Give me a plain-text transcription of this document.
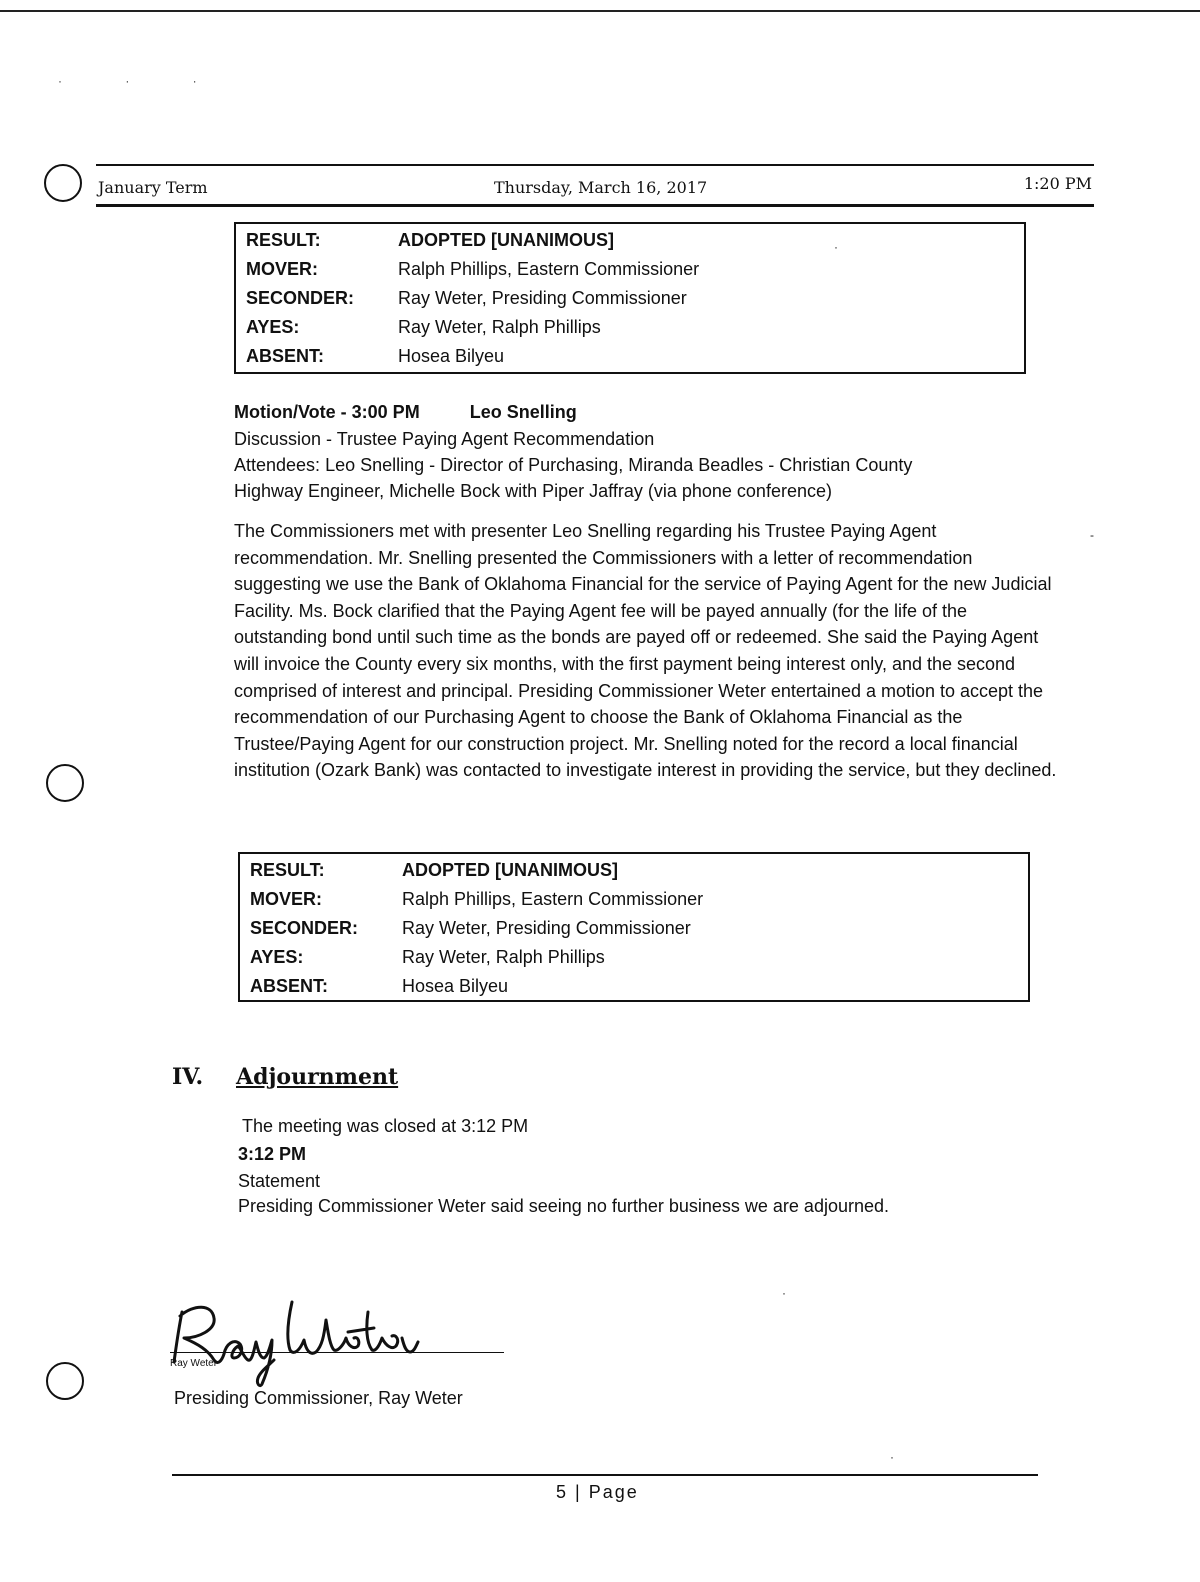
· · ·
January Term	Thursday, March 16, 2017	1:20 PM
RESULT:	ADOPTED [UNANIMOUS]
MOVER:	Ralph Phillips, Eastern Commissioner
SECONDER: Ray Weter, Presiding Commissioner
AYES:	Ray Weter, Ralph Phillips
ABSENT:	Hosea Bilyeu
Motion/Vote - 3:00 PM	Leo Snelling
Discussion - Trustee Paying Agent Recommendation
Attendees: Leo Snelling - Director of Purchasing, Miranda Beadles - Christian County
Highway Engineer, Michelle Bock with Piper Jaffray (via phone conference)
The Commissioners met with presenter Leo Snelling regarding his Trustee Paying Agent recommendation. Mr. Snelling presented the Commissioners with a letter of recommendation suggesting we use the Bank of Oklahoma Financial for the service of Paying Agent for the new Judicial Facility. Ms. Bock clarified that the Paying Agent fee will be payed annually (for the life of the outstanding bond until such time as the bonds are payed off or redeemed. She said the Paying Agent will invoice the County every six months, with the first payment being interest only, and the second comprised of interest and principal. Presiding Commissioner Weter entertained a motion to accept the recommendation of our Purchasing Agent to choose the Bank of Oklahoma Financial as the Trustee/Paying Agent for our construction project. Mr. Snelling noted for the record a local financial institution (Ozark Bank) was contacted to investigate interest in providing the service, but they declined.
RESULT:	ADOPTED [UNANIMOUS]
MOVER:	Ralph Phillips, Eastern Commissioner
SECONDER: Ray Weter, Presiding Commissioner
AYES:	Ray Weter, Ralph Phillips
ABSENT:	Hosea Bilyeu
IV. Adjournment
The meeting was closed at 3:12 PM
3:12 PM
Statement
Presiding Commissioner Weter said seeing no further business we are adjourned.
Ray Weter
Presiding Commissioner, Ray Weter
5 | Page
·
-
·
·
